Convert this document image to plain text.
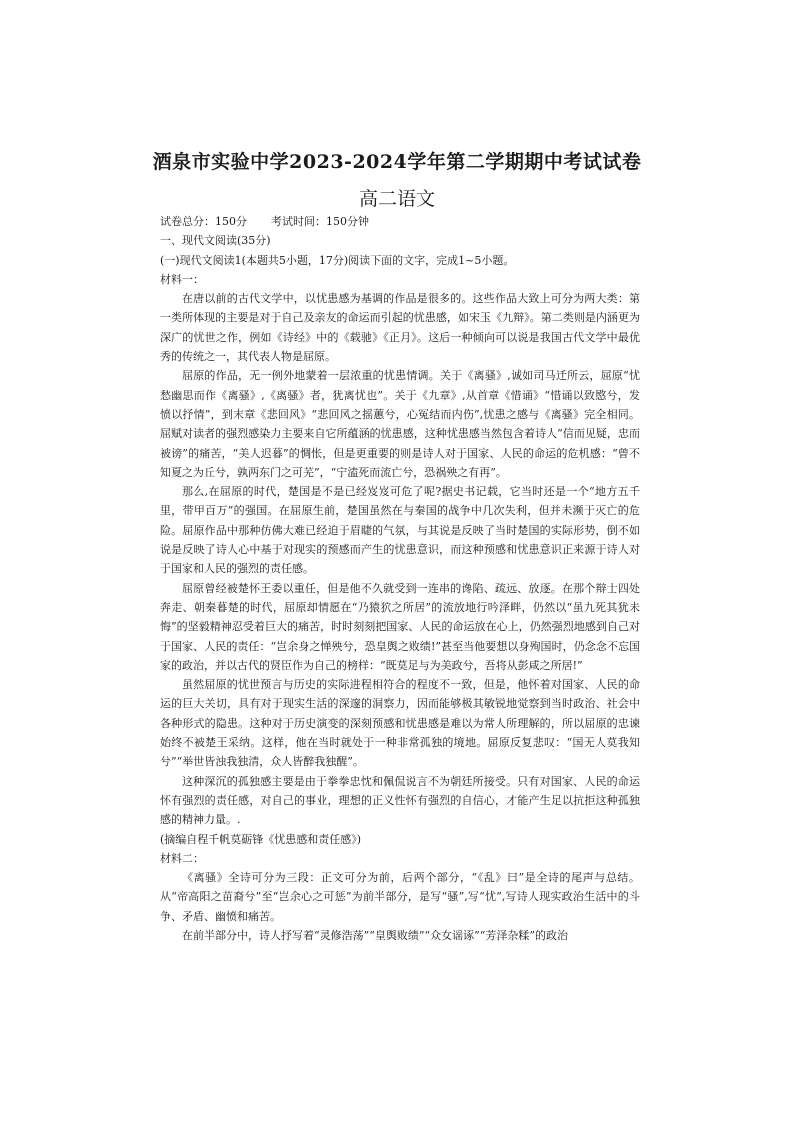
酒泉市实验中学2023-2024学年第二学期期中考试试卷
高二语文
试卷总分：150分 考试时间：150分钟
一、现代文阅读(35分)
(一)现代文阅读1(本题共5小题，17分)阅读下面的文字，完成1~5小题。
材料一：

在唐以前的古代文学中，以忧患感为基调的作品是很多的。这些作品大致上可分为两大类：第一类所体现的主要是对于自己及亲友的命运而引起的忧患感，如宋玉《九辩》。第二类则是内涵更为深广的忧世之作，例如《诗经》中的《载驰》《正月》。这后一种倾向可以说是我国古代文学中最优秀的传统之一，其代表人物是屈原。

屈原的作品，无一例外地蒙着一层浓重的忧患情调。关于《离骚》,诚如司马迁所云，屈原“忧愁幽思而作《离骚》,《离骚》者，犹离忧也”。关于《九章》,从首章《惜诵》“惜诵以致愍兮，发愤以抒情”，到末章《悲回风》“悲回风之摇蕙兮，心冤结而内伤”,忧患之感与《离骚》完全相同。屈赋对读者的强烈感染力主要来自它所蕴涵的忧患感，这种忧患感当然包含着诗人“信而见疑，忠而被谤”的痛苦，“美人迟暮”的惆怅，但是更重要的则是诗人对于国家、人民的命运的危机感：“曾不知夏之为丘兮，孰两东门之可芜”，“宁溘死而流亡兮，恐祸殃之有再”。

那么,在屈原的时代，楚国是不是已经岌岌可危了呢?据史书记载，它当时还是一个“地方五千里，带甲百万”的强国。在屈原生前，楚国虽然在与秦国的战争中几次失利，但并未濒于灭亡的危险。屈原作品中那种仿佛大难已经迫于眉睫的气氛，与其说是反映了当时楚国的实际形势，倒不如说是反映了诗人心中基于对现实的预感而产生的忧患意识，而这种预感和忧患意识正来源于诗人对于国家和人民的强烈的责任感。

屈原曾经被楚怀王委以重任，但是他不久就受到一连串的谗陷、疏远、放逐。在那个辩士四处奔走、朝秦暮楚的时代，屈原却情愿在“乃猿狖之所居”的流放地行吟泽畔，仍然以“虽九死其犹未悔”的坚毅精神忍受着巨大的痛苦，时时刻刻把国家、人民的命运放在心上，仍然强烈地感到自己对于国家、人民的责任：“岂余身之惮殃兮，恐皇舆之败绩!”甚至当他要想以身殉国时，仍念念不忘国家的政治，并以古代的贤臣作为自己的榜样：“既莫足与为美政兮，吾将从彭咸之所居!”

虽然屈原的忧世预言与历史的实际进程相符合的程度不一致，但是，他怀着对国家、人民的命运的巨大关切，具有对于现实生活的深邃的洞察力，因而能够极其敏锐地觉察到当时政治、社会中各种形式的隐患。这种对于历史演变的深刻预感和忧患感是难以为常人所理解的，所以屈原的忠谏始终不被楚王采纳。这样，他在当时就处于一种非常孤独的境地。屈原反复悲叹：“国无人莫我知兮”“举世皆浊我独清，众人皆醉我独醒”。

这种深沉的孤独感主要是由于拳拳忠忱和佩侃说言不为朝廷所接受。只有对国家、人民的命运怀有强烈的责任感，对自己的事业，理想的正义性怀有强烈的自信心，才能产生足以抗拒这种孤独感的精神力量。.

(摘编自程千帆莫砺锋《忧患感和责任感》)
材料二：

《离骚》全诗可分为三段：正文可分为前，后两个部分，“《乱》曰”是全诗的尾声与总结。从“帝高阳之苗裔兮”至“岂余心之可惩”为前半部分，是写“骚”,写“忧”,写诗人现实政治生活中的斗争、矛盾、幽愤和痛苦。

在前半部分中，诗人抒写着“灵修浩荡”“皇舆败绩”“众女谣诼”“芳泽杂糅”的政治
